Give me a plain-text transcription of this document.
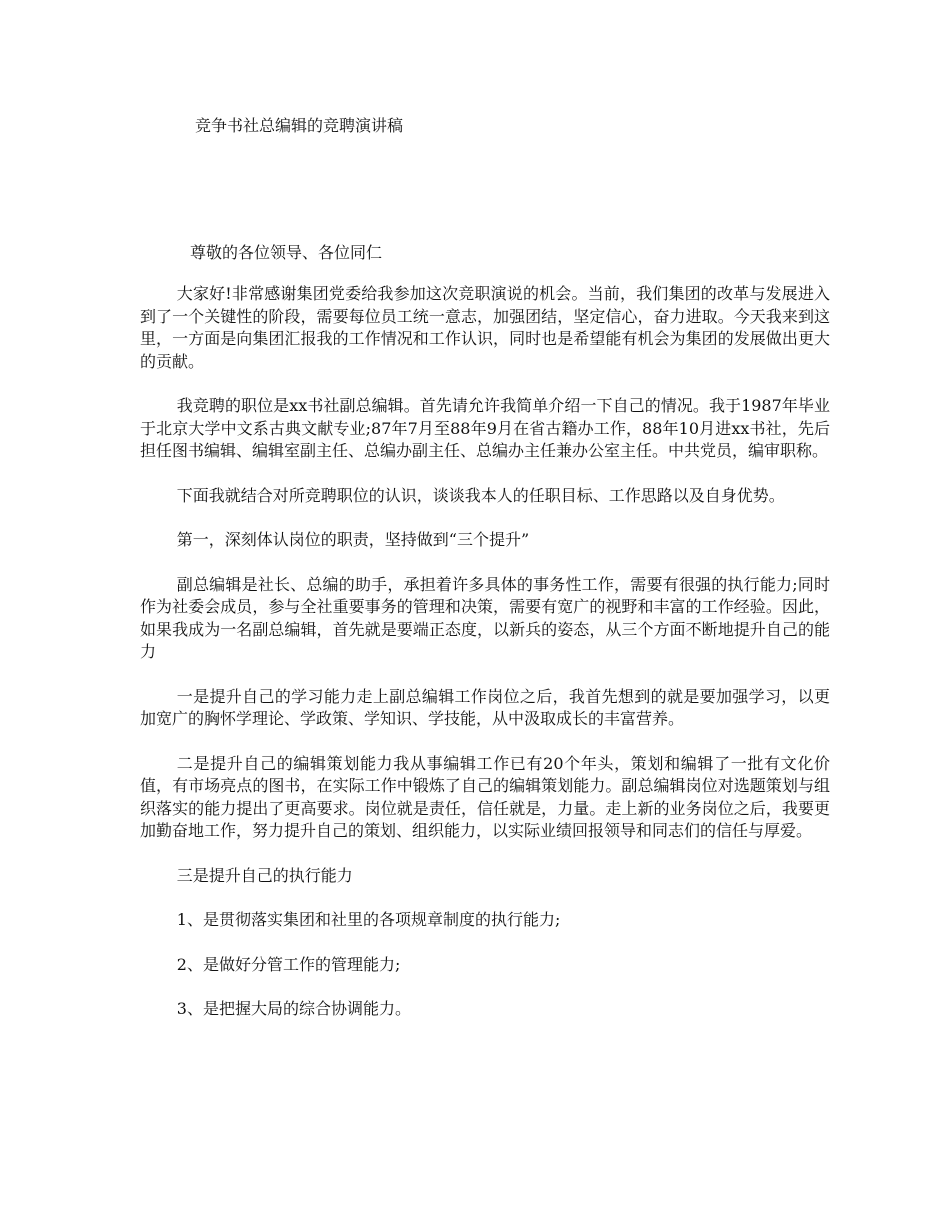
竞争书社总编辑的竞聘演讲稿

尊敬的各位领导、各位同仁

大家好!非常感谢集团党委给我参加这次竞职演说的机会。当前，我们集团的改革与发展进入到了一个关键性的阶段，需要每位员工统一意志，加强团结，坚定信心，奋力进取。今天我来到这里，一方面是向集团汇报我的工作情况和工作认识，同时也是希望能有机会为集团的发展做出更大的贡献。

我竞聘的职位是xx书社副总编辑。首先请允许我简单介绍一下自己的情况。我于1987年毕业于北京大学中文系古典文献专业;87年7月至88年9月在省古籍办工作，88年10月进xx书社，先后担任图书编辑、编辑室副主任、总编办副主任、总编办主任兼办公室主任。中共党员，编审职称。

下面我就结合对所竞聘职位的认识，谈谈我本人的任职目标、工作思路以及自身优势。

第一，深刻体认岗位的职责，坚持做到“三个提升”

副总编辑是社长、总编的助手，承担着许多具体的事务性工作，需要有很强的执行能力;同时作为社委会成员，参与全社重要事务的管理和决策，需要有宽广的视野和丰富的工作经验。因此，如果我成为一名副总编辑，首先就是要端正态度，以新兵的姿态，从三个方面不断地提升自己的能力

一是提升自己的学习能力走上副总编辑工作岗位之后，我首先想到的就是要加强学习，以更加宽广的胸怀学理论、学政策、学知识、学技能，从中汲取成长的丰富营养。

二是提升自己的编辑策划能力我从事编辑工作已有20个年头，策划和编辑了一批有文化价值，有市场亮点的图书，在实际工作中锻炼了自己的编辑策划能力。副总编辑岗位对选题策划与组织落实的能力提出了更高要求。岗位就是责任，信任就是，力量。走上新的业务岗位之后，我要更加勤奋地工作，努力提升自己的策划、组织能力，以实际业绩回报领导和同志们的信任与厚爱。

三是提升自己的执行能力

1、是贯彻落实集团和社里的各项规章制度的执行能力;

2、是做好分管工作的管理能力;

3、是把握大局的综合协调能力。
